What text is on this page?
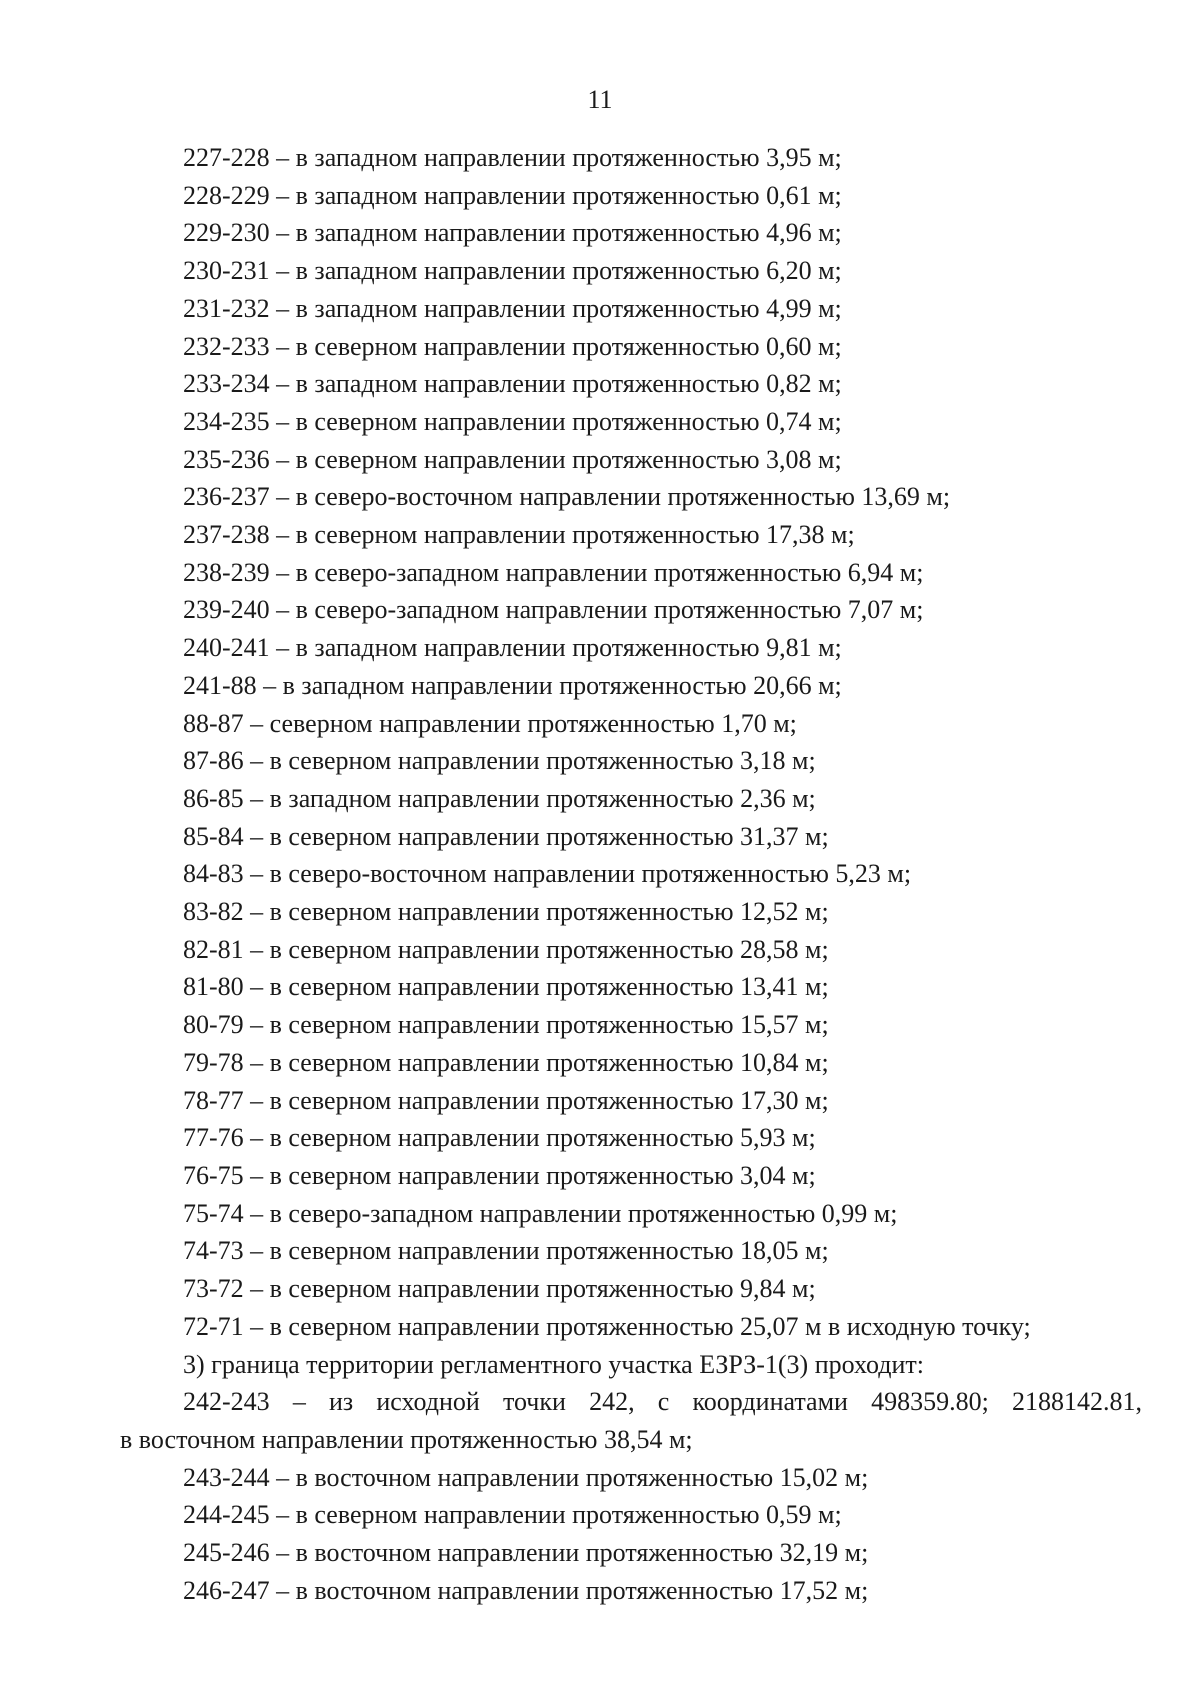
11
227-228 – в западном направлении протяженностью 3,95 м;
228-229 – в западном направлении протяженностью 0,61 м;
229-230 – в западном направлении протяженностью 4,96 м;
230-231 – в западном направлении протяженностью 6,20 м;
231-232 – в западном направлении протяженностью 4,99 м;
232-233 – в северном направлении протяженностью 0,60 м;
233-234 – в западном направлении протяженностью 0,82 м;
234-235 – в северном направлении протяженностью 0,74 м;
235-236 – в северном направлении протяженностью 3,08 м;
236-237 – в северо-восточном направлении протяженностью 13,69 м;
237-238 – в северном направлении протяженностью 17,38 м;
238-239 – в северо-западном направлении протяженностью 6,94 м;
239-240 – в северо-западном направлении протяженностью 7,07 м;
240-241 – в западном направлении протяженностью 9,81 м;
241-88 – в западном направлении протяженностью 20,66 м;
88-87 – северном направлении протяженностью 1,70 м;
87-86 – в северном направлении протяженностью 3,18 м;
86-85 – в западном направлении протяженностью 2,36 м;
85-84 – в северном направлении протяженностью 31,37 м;
84-83 – в северо-восточном направлении протяженностью 5,23 м;
83-82 – в северном направлении протяженностью 12,52 м;
82-81 – в северном направлении протяженностью 28,58 м;
81-80 – в северном направлении протяженностью 13,41 м;
80-79 – в северном направлении протяженностью 15,57 м;
79-78 – в северном направлении протяженностью 10,84 м;
78-77 – в северном направлении протяженностью 17,30 м;
77-76 – в северном направлении протяженностью 5,93 м;
76-75 – в северном направлении протяженностью 3,04 м;
75-74 – в северо-западном направлении протяженностью 0,99 м;
74-73 – в северном направлении протяженностью 18,05 м;
73-72 – в северном направлении протяженностью 9,84 м;
72-71 – в северном направлении протяженностью 25,07 м в исходную точку;
3) граница территории регламентного участка ЕЗРЗ-1(3) проходит:
242-243 – из исходной точки 242, с координатами 498359.80; 2188142.81,
в восточном направлении протяженностью 38,54 м;
243-244 – в восточном направлении протяженностью 15,02 м;
244-245 – в северном направлении протяженностью 0,59 м;
245-246 – в восточном направлении протяженностью 32,19 м;
246-247 – в восточном направлении протяженностью 17,52 м;
